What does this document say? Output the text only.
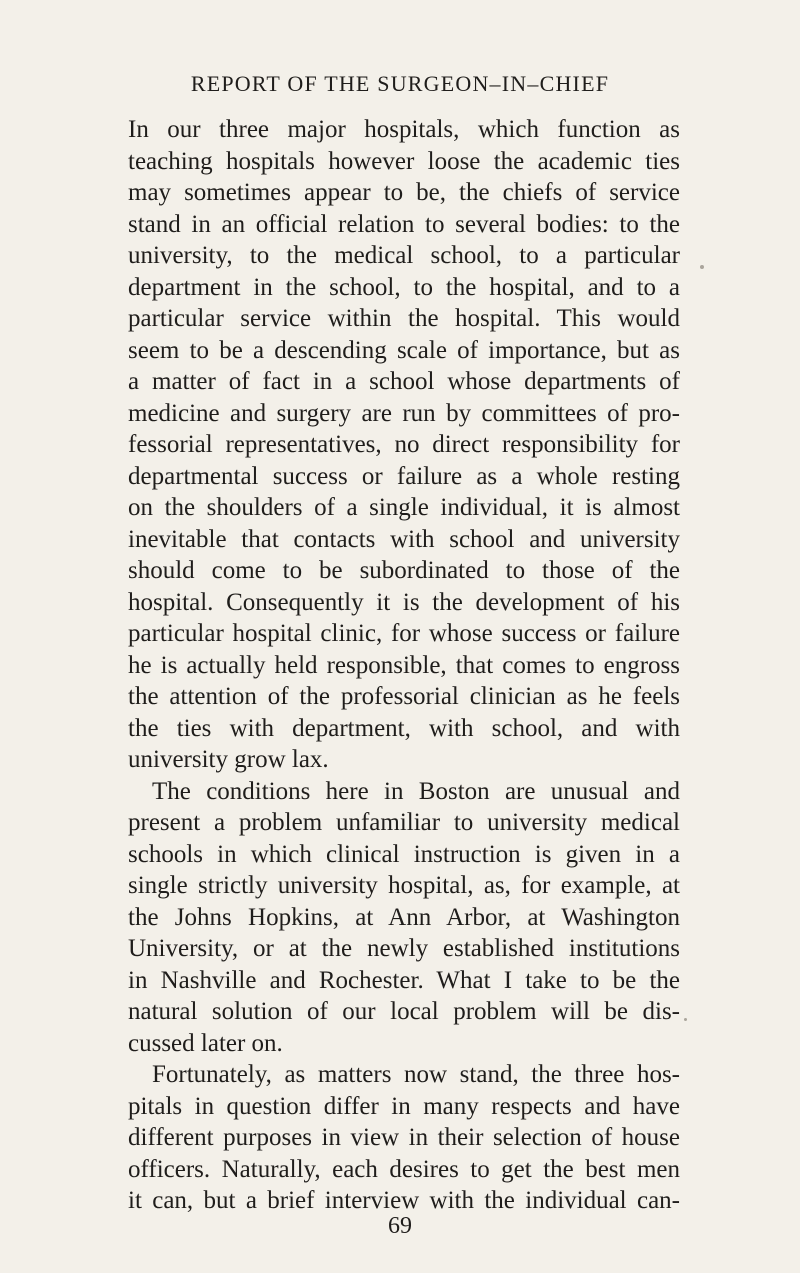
REPORT OF THE SURGEON–IN–CHIEF
In our three major hospitals, which function as
teaching hospitals however loose the academic ties
may sometimes appear to be, the chiefs of service
stand in an official relation to several bodies: to the
university, to the medical school, to a particular
department in the school, to the hospital, and to a
particular service within the hospital. This would
seem to be a descending scale of importance, but as
a matter of fact in a school whose departments of
medicine and surgery are run by committees of pro-
fessorial representatives, no direct responsibility for
departmental success or failure as a whole resting
on the shoulders of a single individual, it is almost
inevitable that contacts with school and university
should come to be subordinated to those of the
hospital. Consequently it is the development of his
particular hospital clinic, for whose success or failure
he is actually held responsible, that comes to engross
the attention of the professorial clinician as he feels
the ties with department, with school, and with
university grow lax.
The conditions here in Boston are unusual and
present a problem unfamiliar to university medical
schools in which clinical instruction is given in a
single strictly university hospital, as, for example, at
the Johns Hopkins, at Ann Arbor, at Washington
University, or at the newly established institutions
in Nashville and Rochester. What I take to be the
natural solution of our local problem will be dis-
cussed later on.
Fortunately, as matters now stand, the three hos-
pitals in question differ in many respects and have
different purposes in view in their selection of house
officers. Naturally, each desires to get the best men
it can, but a brief interview with the individual can-
69
